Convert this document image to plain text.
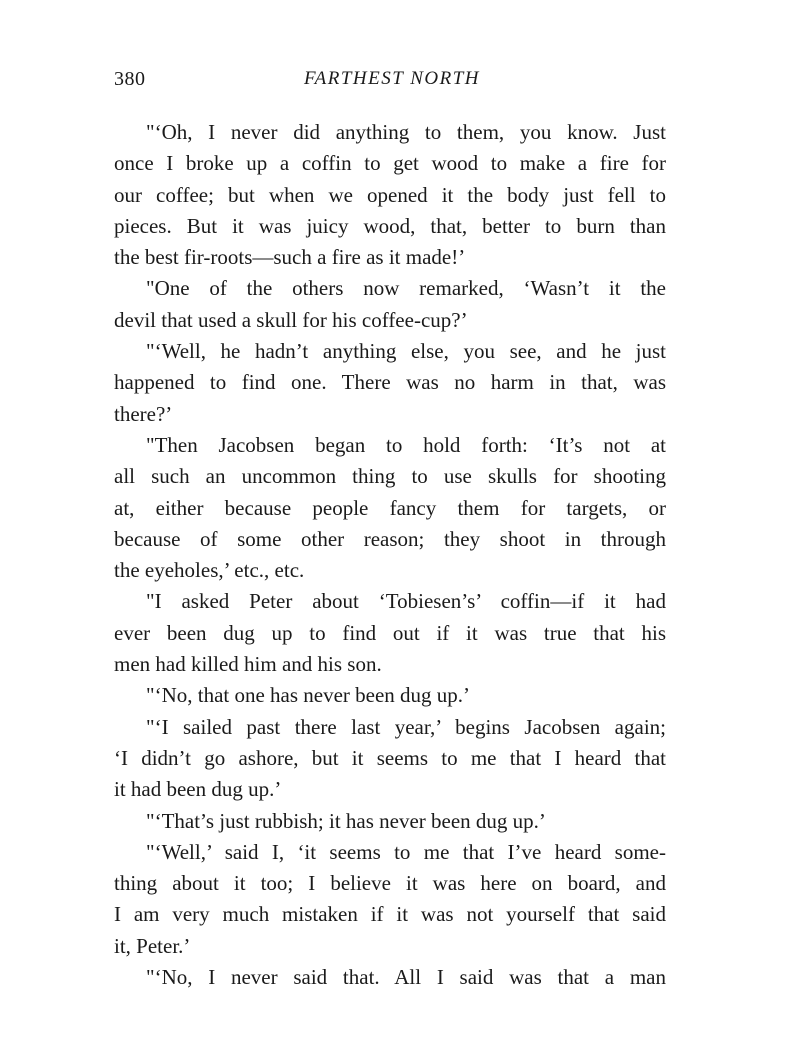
380	FARTHEST NORTH
"‘Oh, I never did anything to them, you know. Just
once I broke up a coffin to get wood to make a fire for
our coffee; but when we opened it the body just fell to
pieces. But it was juicy wood, that, better to burn than
the best fir-roots—such a fire as it made!’
"One of the others now remarked, ‘Wasn’t it the
devil that used a skull for his coffee-cup?’
"‘Well, he hadn’t anything else, you see, and he just
happened to find one. There was no harm in that, was
there?’
"Then Jacobsen began to hold forth: ‘It’s not at
all such an uncommon thing to use skulls for shooting
at, either because people fancy them for targets, or
because of some other reason; they shoot in through
the eyeholes,’ etc., etc.
"I asked Peter about ‘Tobiesen’s’ coffin—if it had
ever been dug up to find out if it was true that his
men had killed him and his son.
"‘No, that one has never been dug up.’
"‘I sailed past there last year,’ begins Jacobsen again;
‘I didn’t go ashore, but it seems to me that I heard that
it had been dug up.’
"‘That’s just rubbish; it has never been dug up.’
"‘Well,’ said I, ‘it seems to me that I’ve heard some-
thing about it too; I believe it was here on board, and
I am very much mistaken if it was not yourself that said
it, Peter.’
"‘No, I never said that. All I said was that a man
